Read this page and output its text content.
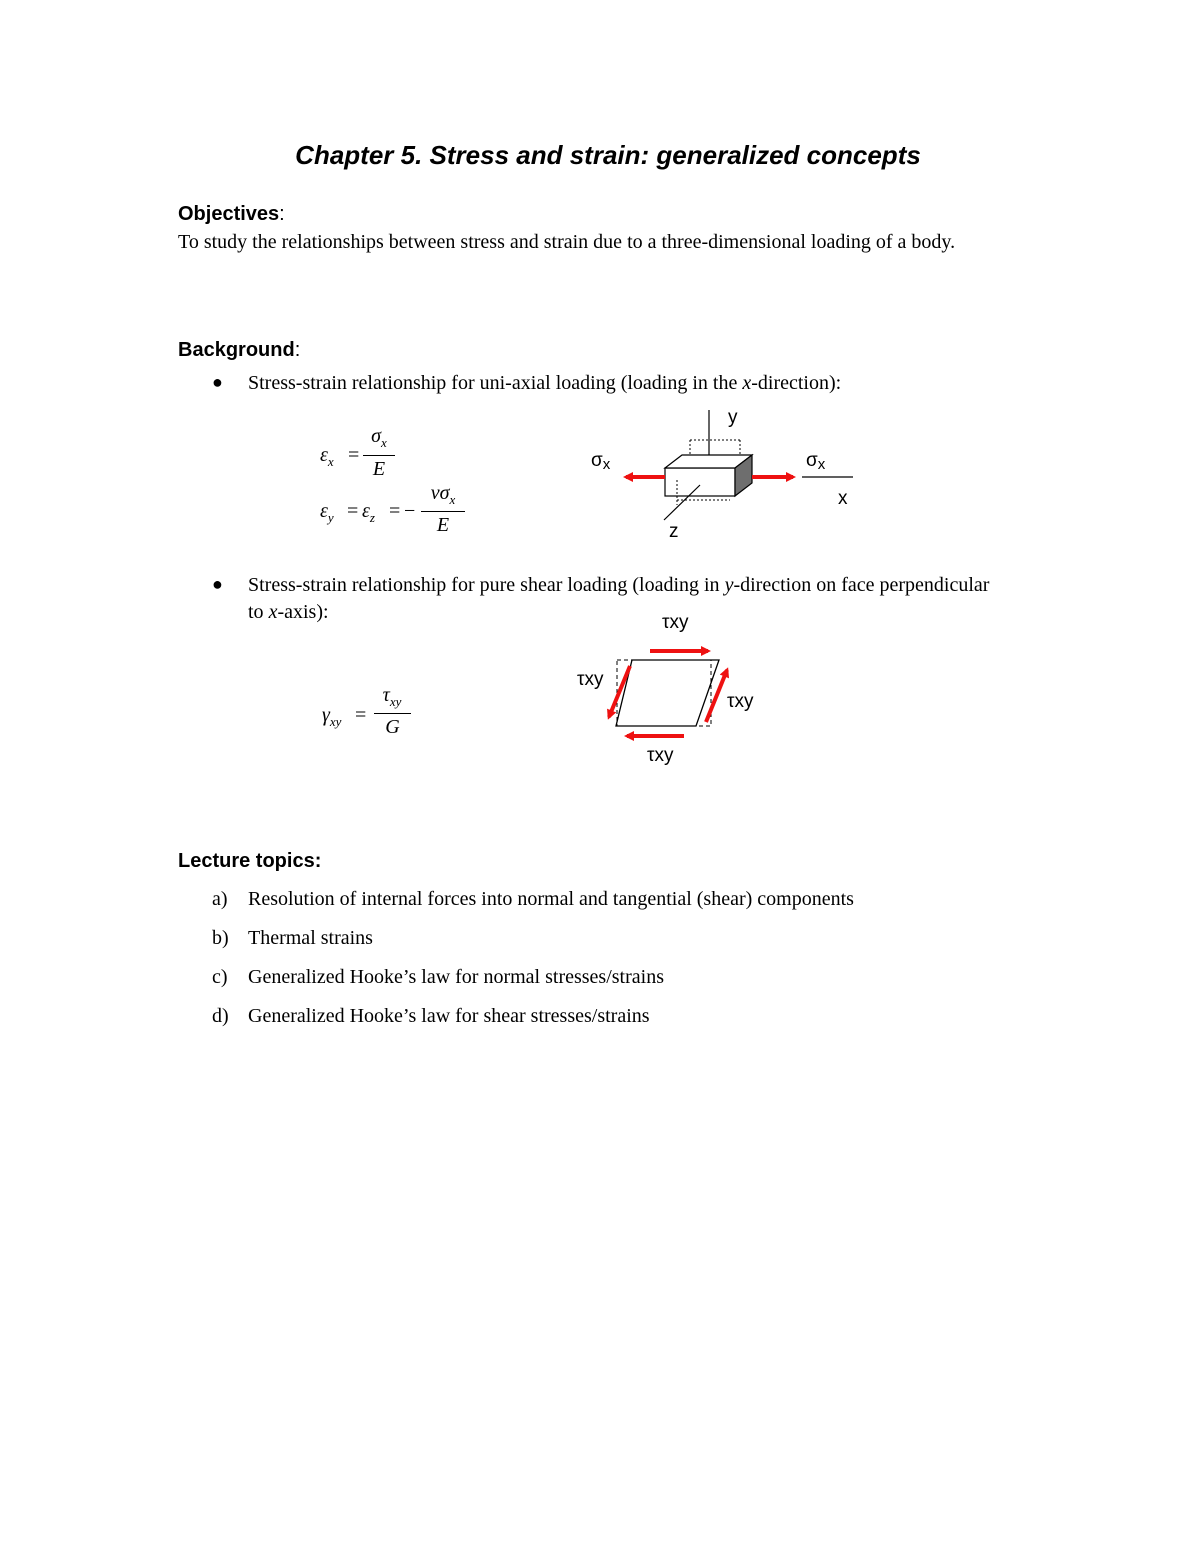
Chapter 5. Stress and strain: generalized concepts
Objectives:
To study the relationships between stress and strain due to a three-dimensional loading of a body.
Background:
● Stress-strain relationship for uni-axial loading (loading in the x-direction):
$\varepsilon_x$ =
$\sigma_x$
E
$\varepsilon_y = \varepsilon_z$ = −
$\nu\sigma_x$
E
y
x
z
σx	σx
● Stress-strain relationship for pure shear loading (loading in y-direction on face perpendicular to x-axis):
$\gamma_{xy}$ =
$\tau_{xy}$
G
τxy
τxy
τxy
τxy
Lecture topics:
a) Resolution of internal forces into normal and tangential (shear) components
b) Thermal strains
c) Generalized Hooke’s law for normal stresses/strains
d) Generalized Hooke’s law for shear stresses/strains
